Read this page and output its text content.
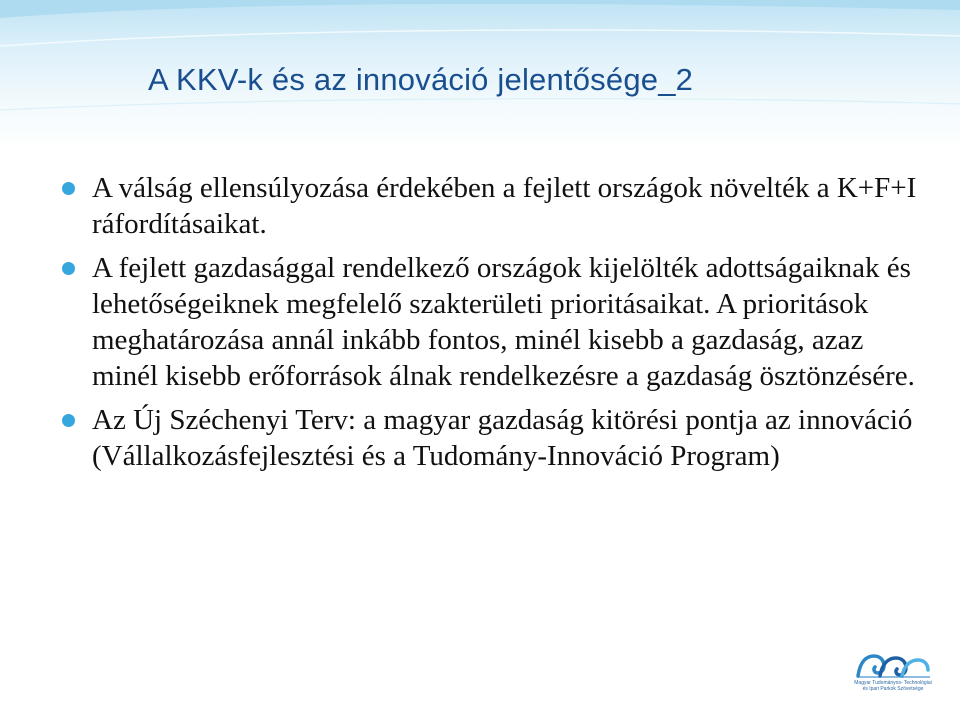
A KKV-k és az innováció jelentősége_2
A válság ellensúlyozása érdekében a fejlett országok növelték a K+F+I ráfordításaikat.
A fejlett gazdasággal rendelkező országok kijelölték adottságaiknak és lehetőségeiknek megfelelő szakterületi prioritásaikat. A prioritások meghatározása annál inkább fontos, minél kisebb a gazdaság, azaz minél kisebb erőforrások álnak rendelkezésre a gazdaság ösztönzésére.
Az Új Széchenyi Terv: a magyar gazdaság kitörési pontja az innováció (Vállalkozásfejlesztési és a Tudomány-Innováció Program)
Magyar Tudományos- Technológiai
és Ipari Parkok Szövetsége
